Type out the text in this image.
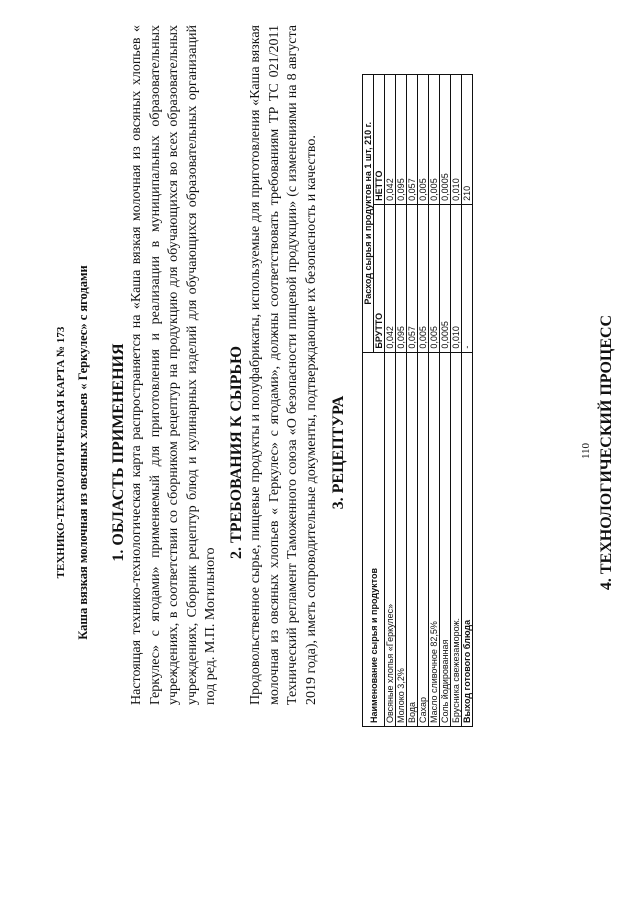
ТЕХНИКО-ТЕХНОЛОГИЧЕСКАЯ КАРТА № 173 Каша вязкая молочная из овсяных хлопьев « Геркулес» с ягодами 1. ОБЛАСТЬ ПРИМЕНЕНИЯ Настоящая технико-технологическая карта распространяется на «Каша вязкая молочная из овсяных хлопьев « Геркулес» с ягодами» применяемый для приготовления и реализации в муниципальных образовательных учреждениях, в соответствии со сборником рецептур на продукцию для обучающихся во всех образовательных учреждениях, Сборник рецептур блюд и кулинарных изделий для обучающихся образовательных организаций под ред. М.П. Могильного

2. ТРЕБОВАНИЯ К СЫРЬЮ Продовольственное сырье, пищевые продукты и полуфабрикаты, используемые для приготовления «Каша вязкая молочная из овсяных хлопьев « Геркулес» с ягодами», должны соответствовать требованиям ТР ТС 021/2011 Технический регламент Таможенного союза «О безопасности пищевой продукции» (с изменениями на 8 августа 2019 года), иметь сопроводительные документы, подтверждающие их безопасность и качество. 3. РЕЦЕПТУРА
Наименование сырья и продуктов	Расход сырья и продуктов на 1 шт, 210 г.	
	БРУТТО	НЕТТО
Овсяные хлопья «Геркулес»	0,042	0,042
Молоко 3,2%	0,095	0,095
Вода	0,057	0,057
Сахар	0,005	0,005
Масло сливочное 82,5%	0,005	0,005
Соль йодированная	0,0005	0,0005
Брусника свежезаморож.	0,010	0,010
Выход готового блюда	-	210
4. ТЕХНОЛОГИЧЕСКИЙ ПРОЦЕСС
110
